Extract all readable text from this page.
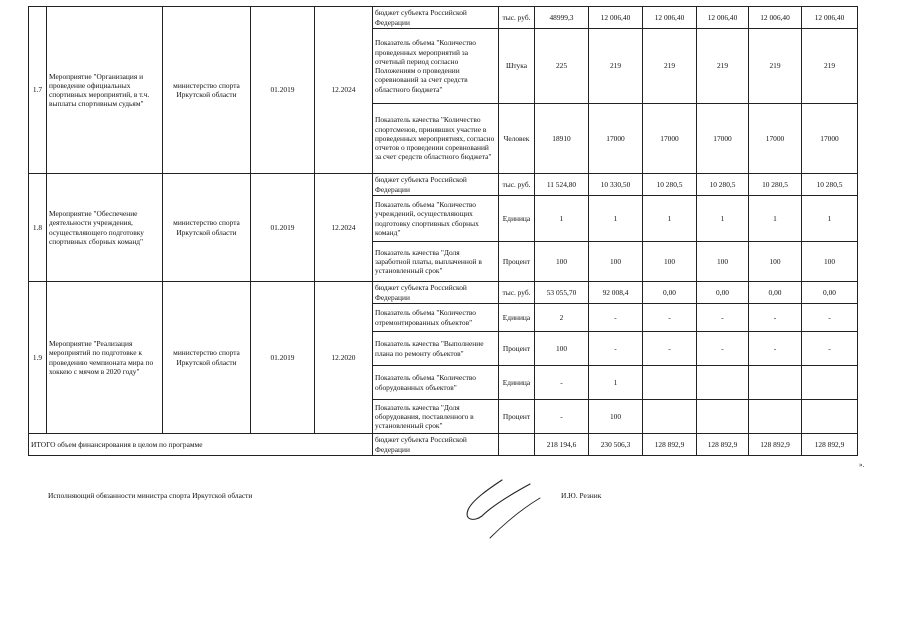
1.7	Мероприятие "Организация и проведение официальных спортивных мероприятий, в т.ч. выплаты спортивным судьям"	министерство спорта Иркутской области	01.2019	12.2024	бюджет субъекта Российской Федерации	тыс. руб.	48999,3	12 006,40	12 006,40	12 006,40	12 006,40	12 006,40
					Показатель объема "Количество проведенных мероприятий за отчетный период согласно Положениям о проведении соревнований за счет средств областного бюджета"	Штука	225	219	219	219	219	219
					Показатель качества "Количество спортсменов, принявших участие в проведенных мероприятиях, согласно отчетов о проведении соревнований за счет средств областного бюджета"	Человек	18910	17000	17000	17000	17000	17000
1.8	Мероприятие "Обеспечение деятельности учреждения, осуществляющего подготовку спортивных сборных команд"	министерство спорта Иркутской области	01.2019	12.2024	бюджет субъекта Российской Федерации	тыс. руб.	11 524,80	10 330,50	10 280,5	10 280,5	10 280,5	10 280,5
					Показатель объема "Количество учреждений, осуществляющих подготовку спортивных сборных команд"	Единица	1	1	1	1	1	1
					Показатель качества "Доля заработной платы, выплаченной в установленный срок"	Процент	100	100	100	100	100	100
1.9	Мероприятие "Реализация мероприятий по подготовке к проведению чемпионата мира по хоккею с мячом в 2020 году"	министерство спорта Иркутской области	01.2019	12.2020	бюджет субъекта Российской Федерации	тыс. руб.	53 055,70	92 008,4	0,00	0,00	0,00	0,00
					Показатель объема "Количество отремонтированных объектов"	Единица	2	-	-	-	-	-
					Показатель качества "Выполнение плана по ремонту объектов"	Процент	100	-	-	-	-	-
					Показатель объема "Количество оборудованных объектов"	Единица	-	1				
					Показатель качества "Доля оборудования, поставленного в установленный срок"	Процент	-	100				
ИТОГО объем финансирования в целом по программе					бюджет субъекта Российской Федерации		218 194,6	230 506,3	128 892,9	128 892,9	128 892,9	128 892,9
».
Исполняющий обязанности министра спорта Иркутской области	И.Ю. Резник
